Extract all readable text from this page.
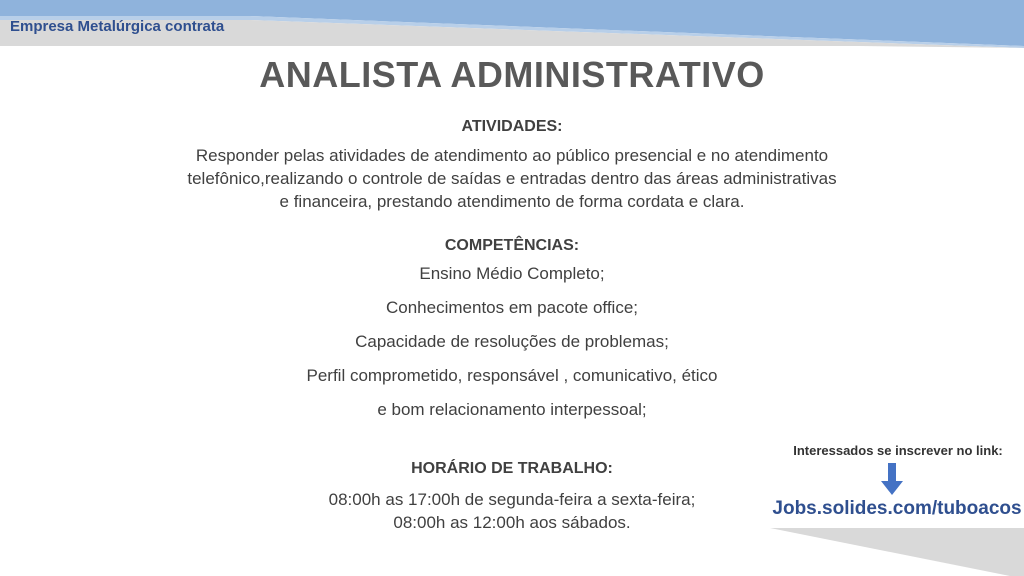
Empresa Metalúrgica contrata
ANALISTA ADMINISTRATIVO
ATIVIDADES:
Responder pelas atividades de atendimento ao público presencial e no atendimento
telefônico,realizando o controle de saídas e entradas dentro das áreas administrativas
e financeira, prestando atendimento de forma cordata e clara.
COMPETÊNCIAS:
Ensino Médio Completo;
Conhecimentos em pacote office;
Capacidade de resoluções de problemas;
Perfil comprometido, responsável , comunicativo, ético
e bom relacionamento interpessoal;
HORÁRIO DE TRABALHO:
08:00h as 17:00h de segunda-feira a sexta-feira;
08:00h as 12:00h aos sábados.
Interessados se inscrever no link:
Jobs.solides.com/tuboacos
